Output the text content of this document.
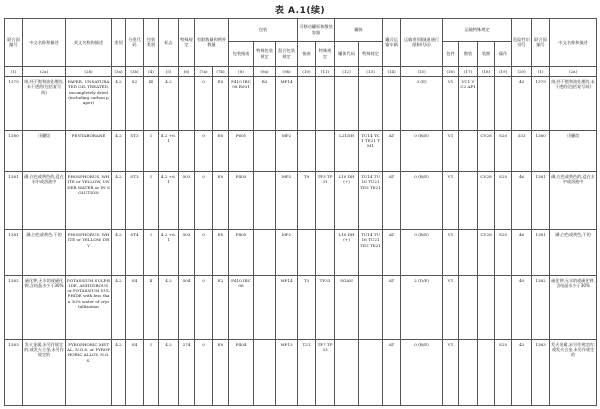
表 A.1(续)
联合国编号	中文名称和描述	英文名称和描述	类别	分类代码	包装类别	标志	特殊规定	有限数量和例外数量		包装			可移动罐柜和散装容器		罐体		罐式运输车辆	运输类别(隧道通行限制代码)	运输特殊规定				危险性识别号	联合国编号	中文名称和描述
										包装指南	特殊包装规定	混合包装规定	指南	特殊规定	罐体代码	特殊规定			包件	散装	装卸	操作			
(1)	(2a)	(2b)	(3a)	(3b)	(4)	(5)	(6)	(7a)	(7b)	(8)	(9a)	(9b)	(10)	(11)	(12)	(13)	(14)	(15)	(16)	(17)	(18)	(19)	(20)	(1)	(2a)
1379	纸,经不饱和油处理的,未干透的(包括复写纸)	PAPER, UNSATURATED OIL TREATED, incompletely dried (including carbon paper)	4.2	S2	Ⅲ	4.2		0	E0	P410 IBC08 R001	B3	MP14						3 (E)	V1	VC1 VC2 AP1			40	1379	纸,经不饱和油处理的,未干透的(包括复写纸)
1380	戊硼烷	PENTABORANE	4.2	ST3	Ⅰ	4.2 +6.1		0	E0	P601		MP2			L21DH	TU14 TC1 TE21 TM1	AT	0 (B/E)	V1		CV28	S20	333	1380	戊硼烷
1381	磷,白色或黄色的,浸在水中或溶液中	PHOSPHORUS, WHITE or YELLOW, UNDER WATER or IN SOLUTION	4.2	ST3	Ⅰ	4.2 +6.1	503	0	E0	P405		MP2	T9	TP3 TP31	L10 DH (+)	TU14 TU16 TU21 TE3 TE21	AT	0 (B/E)	V1		CV28	S20	46	1381	磷,白色或黄色的,浸在水中或溶液中
1381	磷,白色或黄色,干的	PHOSPHORUS, WHITE or YELLOW, DRY	4.2	ST4	Ⅰ	4.2 +6.1	503	0	E0	P405		MP2			L10 DH (+)	TU14 TU16 TU21 TE3 TE21	AT	0 (B/E)	V1		CV28	S20	46	1381	磷,白色或黄色,干的
1382	硫化钾,无水的或硫化钾,含结晶水少于30%	POTASSIUM SULPHIDE, ANHYDROUS or POTASSIUM SULPHIDE with less than 30% water of crystallization	4.2	S4	Ⅱ	4.2	504	0	E2	P410 IBC06		MP14	T3	TP33	SGAN		AT	2 (D/E)	V1				40	1382	硫化钾,无水的或硫化钾,含结晶水少于30%
1383	发火金属,未另作规定的;或发火合金,未另作规定的	PYROPHORIC METAL, N.O.S. or PYROPHORIC ALLOY, N.O.S.	4.2	S4	Ⅰ	4.2	274	0	E0	P404		MP13	T21	TP7 TP33			AT	0 (B/E)	V1			S20	43	1383	发火金属,未另作规定的;或发火合金,未另作规定的
